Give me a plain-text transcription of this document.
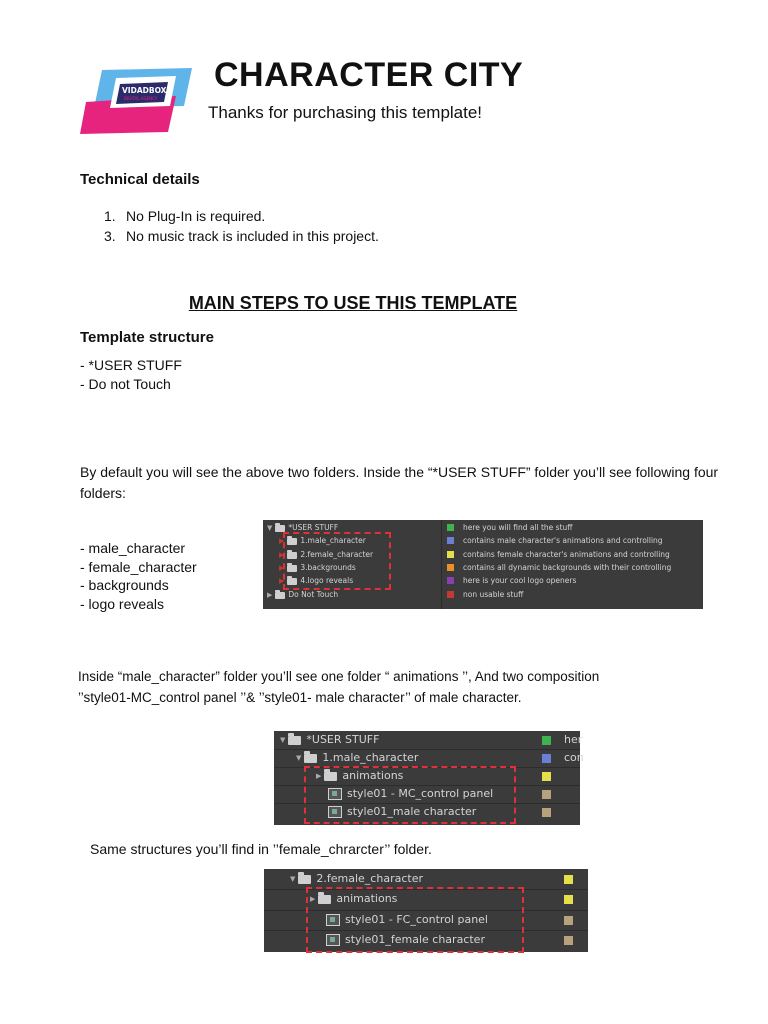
VIDADBOX
DIGITAL AGENCY
CHARACTER CITY
Thanks for purchasing this template!
Technical details
1. No Plug-In is required.
3. No music track is included in this project.
MAIN STEPS TO USE THIS TEMPLATE
Template structure
- *USER STUFF
- Do not Touch
By default you will see the above two folders. Inside the “*USER STUFF” folder you’ll see following four folders:
- male_character
- female_character
- backgrounds
- logo reveals
▼ *USER STUFF	here you will find all the stuff
▶ 1.male_character	contains male character's animations and controlling
▶ 2.female_character	contains female character's animations and controlling
▶ 3.backgrounds	contains all dynamic backgrounds with their controlling
▶ 4.logo reveals	here is your cool logo openers
▶ Do Not Touch	non usable stuff
Inside “male_character” folder you’ll see one folder “ animations ’’, And two composition ’’style01-MC_control panel ’’& ’’style01- male character’’ of male character.
▼ *USER STUFF	her
▼ 1.male_character	con
▶ animations
style01 - MC_control panel
style01_male character
Same structures you’ll find in ’’female_chrarcter’’ folder.
▼ 2.female_character
▶ animations
style01 - FC_control panel
style01_female character
